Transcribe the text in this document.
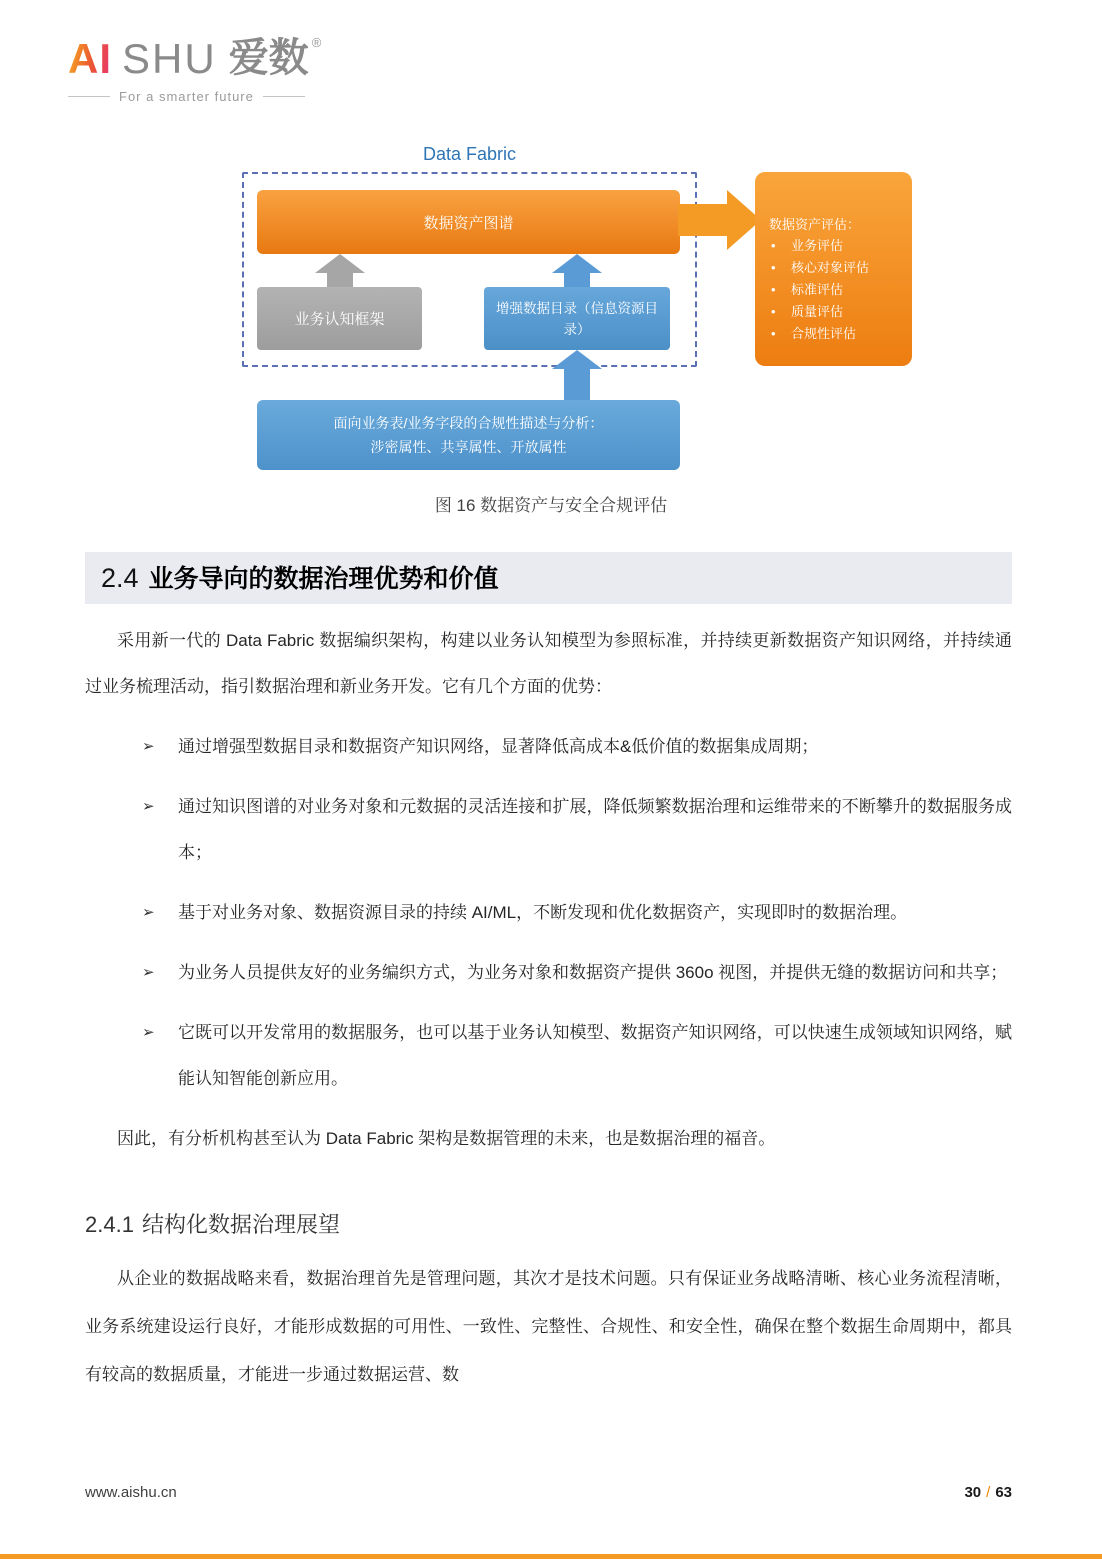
AI SHU 爱数 ®
For a smarter future
Data Fabric
数据资产图谱
业务认知框架
增强数据目录（信息资源目录）
数据资产评估：
•	业务评估
•	核心对象评估
•	标准评估
•	质量评估
•	合规性评估
面向业务表/业务字段的合规性描述与分析：
涉密属性、共享属性、开放属性
图 16 数据资产与安全合规评估
2.4 业务导向的数据治理优势和价值

采用新一代的 Data Fabric 数据编织架构，构建以业务认知模型为参照标准，并持续更新数据资产知识网络，并持续通过业务梳理活动，指引数据治理和新业务开发。它有几个方面的优势：

➢	通过增强型数据目录和数据资产知识网络，显著降低高成本&低价值的数据集成周期；
➢	通过知识图谱的对业务对象和元数据的灵活连接和扩展，降低频繁数据治理和运维带来的不断攀升的数据服务成本；
➢	基于对业务对象、数据资源目录的持续 AI/ML，不断发现和优化数据资产，实现即时的数据治理。
➢	为业务人员提供友好的业务编织方式，为业务对象和数据资产提供 360o 视图，并提供无缝的数据访问和共享；
➢	它既可以开发常用的数据服务，也可以基于业务认知模型、数据资产知识网络，可以快速生成领域知识网络，赋能认知智能创新应用。

因此，有分析机构甚至认为 Data Fabric 架构是数据管理的未来，也是数据治理的福音。

2.4.1 结构化数据治理展望

从企业的数据战略来看，数据治理首先是管理问题，其次才是技术问题。只有保证业务战略清晰、核心业务流程清晰，业务系统建设运行良好，才能形成数据的可用性、一致性、完整性、合规性、和安全性，确保在整个数据生命周期中，都具有较高的数据质量，才能进一步通过数据运营、数

www.aishu.cn	30 / 63
